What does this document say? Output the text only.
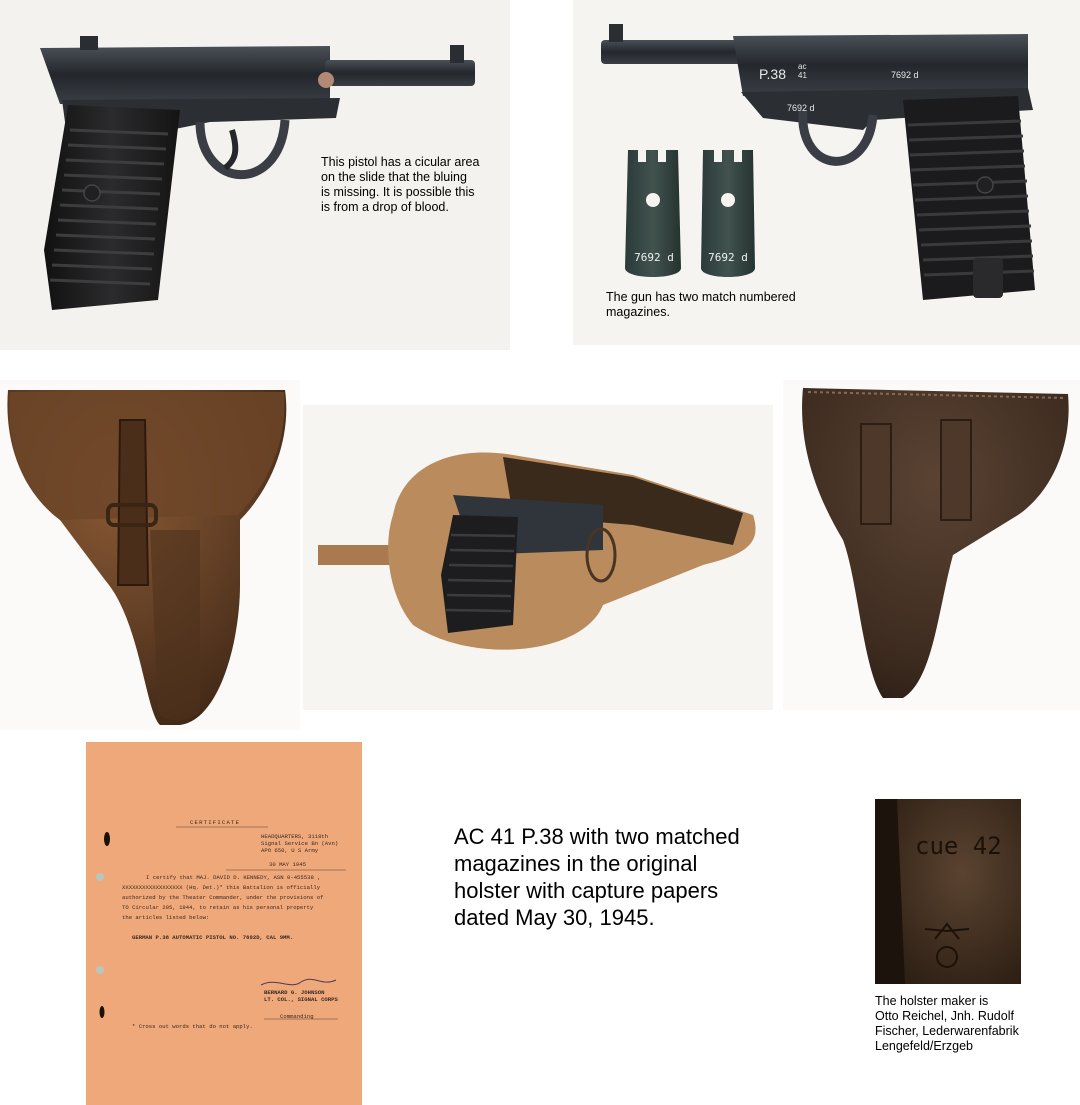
This pistol has a cicular area
on the slide that the bluing
is missing. It is possible this
is from a drop of blood.
P.38 ac
41	7692 d
7692 d
7692 d	7692 d
The gun has two match numbered
magazines.
CERTIFICATE
HEADQUARTERS, 3118th
Signal Service Bn (Avn)
APO 650, U S Army
30 MAY 1945
I certify that MAJ. DAVID D. KENNEDY, ASN 0-455538 ,
XXXXXXXXXXXXXXXXXX (Hq. Det.)* this Battalion is officially
authorized by the Theater Commander, under the provisions of
TO Circular 205, 1944, to retain as his personal property
the articles listed below:
GERMAN P.38 AUTOMATIC PISTOL NO. 7692D, CAL 9MM.
BERNARD G. JOHNSON
LT. COL., SIGNAL CORPS
Commanding
* Cross out words that do not apply.
AC 41 P.38 with two matched
magazines in the original
holster with capture papers
dated May 30, 1945.
cue 42
The holster maker is
Otto Reichel, Jnh. Rudolf
Fischer, Lederwarenfabrik
Lengefeld/Erzgeb
